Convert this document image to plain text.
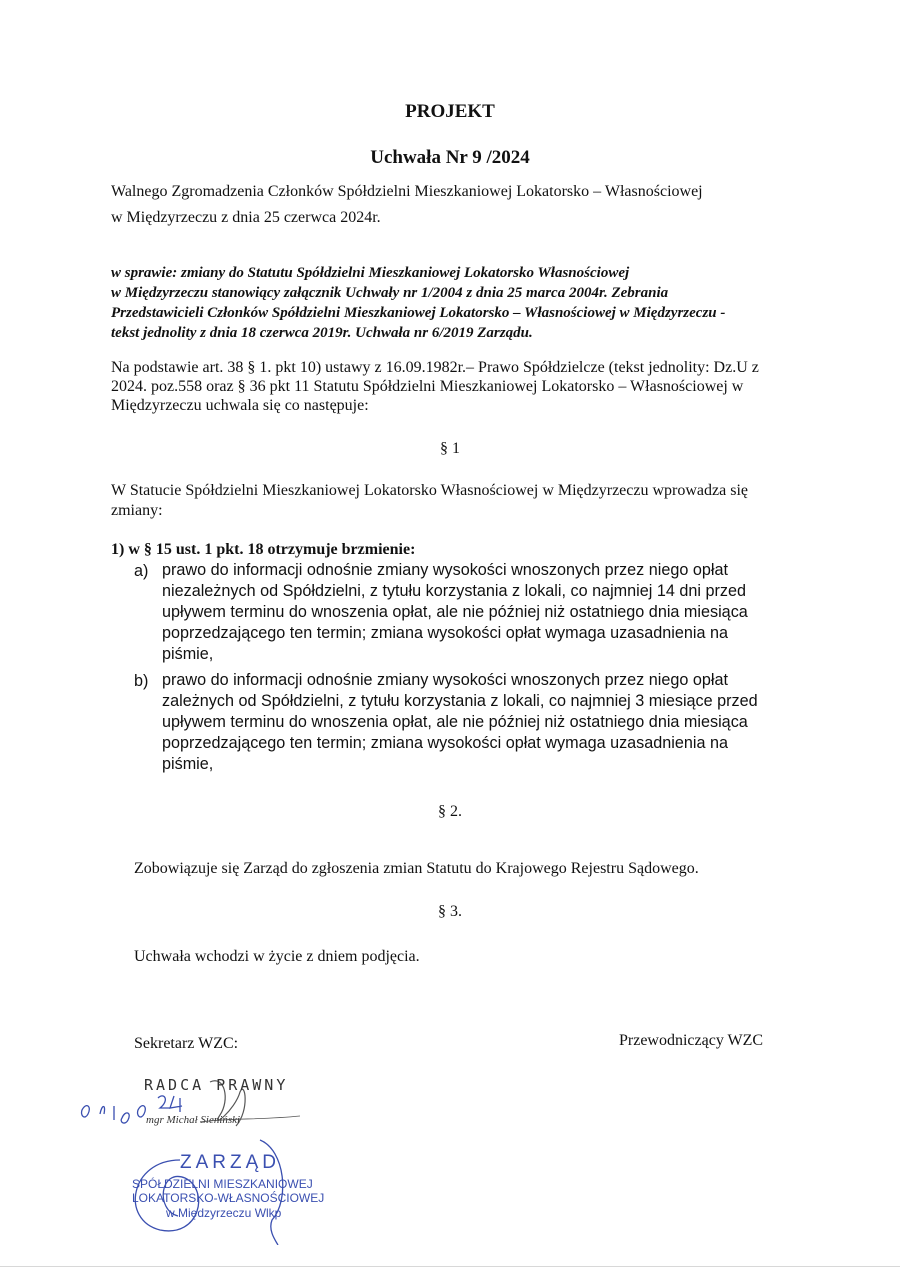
PROJEKT

Uchwała Nr 9 /2024

Walnego Zgromadzenia Członków Spółdzielni Mieszkaniowej Lokatorsko – Własnościowej

w Międzyrzeczu z dnia 25 czerwca 2024r.

w sprawie: zmiany do Statutu Spółdzielni Mieszkaniowej Lokatorsko Własnościowej
w Międzyrzeczu stanowiący załącznik Uchwały nr 1/2004 z dnia 25 marca 2004r. Zebrania
Przedstawicieli Członków Spółdzielni Mieszkaniowej Lokatorsko – Własnościowej w Międzyrzeczu -
tekst jednolity z dnia 18 czerwca 2019r. Uchwała nr 6/2019 Zarządu.
Na podstawie art. 38 § 1. pkt 10) ustawy z 16.09.1982r.– Prawo Spółdzielcze (tekst jednolity: Dz.U z
2024. poz.558 oraz § 36 pkt 11 Statutu Spółdzielni Mieszkaniowej Lokatorsko – Własnościowej w
Międzyrzeczu uchwala się co następuje:

§ 1

W Statucie Spółdzielni Mieszkaniowej Lokatorsko Własnościowej w Międzyrzeczu wprowadza się
zmiany:

1) w § 15 ust. 1 pkt. 18 otrzymuje brzmienie:

a) prawo do informacji odnośnie zmiany wysokości wnoszonych przez niego opłat
niezależnych od Spółdzielni, z tytułu korzystania z lokali, co najmniej 14 dni przed
upływem terminu do wnoszenia opłat, ale nie później niż ostatniego dnia miesiąca
poprzedzającego ten termin; zmiana wysokości opłat wymaga uzasadnienia na
piśmie,
b) prawo do informacji odnośnie zmiany wysokości wnoszonych przez niego opłat
zależnych od Spółdzielni, z tytułu korzystania z lokali, co najmniej 3 miesiące przed
upływem terminu do wnoszenia opłat, ale nie później niż ostatniego dnia miesiąca
poprzedzającego ten termin; zmiana wysokości opłat wymaga uzasadnienia na
piśmie,

§ 2.

Zobowiązuje się Zarząd do zgłoszenia zmian Statutu do Krajowego Rejestru Sądowego.

§ 3.

Uchwała wchodzi w życie z dniem podjęcia.

Sekretarz WZC:	Przewodniczący WZC

RADCA PRAWNY
mgr Michał Sieniński
ZARZĄD
SPÓŁDZIELNI MIESZKANIOWEJ
LOKATORSKO-WŁASNOŚCIOWEJ
w Międzyrzeczu Wlkp
